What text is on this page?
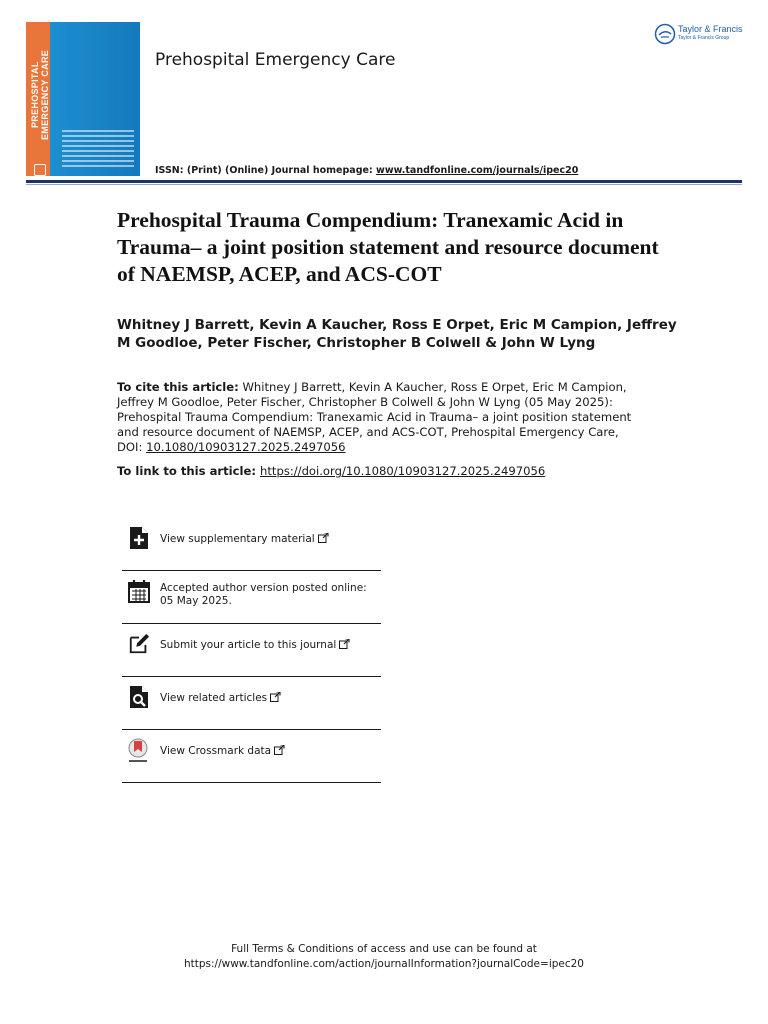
PREHOSPITAL
EMERGENCY CARE	Prehospital Emergency Care
ISSN: (Print) (Online) Journal homepage: www.tandfonline.com/journals/ipec20
Taylor & Francis
Taylor & Francis Group
Prehospital Trauma Compendium: Tranexamic Acid in Trauma– a joint position statement and resource document of NAEMSP, ACEP, and ACS-COT
Whitney J Barrett, Kevin A Kaucher, Ross E Orpet, Eric M Campion, Jeffrey M Goodloe, Peter Fischer, Christopher B Colwell & John W Lyng
To cite this article: Whitney J Barrett, Kevin A Kaucher, Ross E Orpet, Eric M Campion, Jeffrey M Goodloe, Peter Fischer, Christopher B Colwell & John W Lyng (05 May 2025): Prehospital Trauma Compendium: Tranexamic Acid in Trauma– a joint position statement and resource document of NAEMSP, ACEP, and ACS-COT, Prehospital Emergency Care, DOI: 10.1080/10903127.2025.2497056
To link to this article: https://doi.org/10.1080/10903127.2025.2497056
View supplementary material
Accepted author version posted online: 05 May 2025.
Submit your article to this journal
View related articles
View Crossmark data
Full Terms & Conditions of access and use can be found at
https://www.tandfonline.com/action/journalInformation?journalCode=ipec20
